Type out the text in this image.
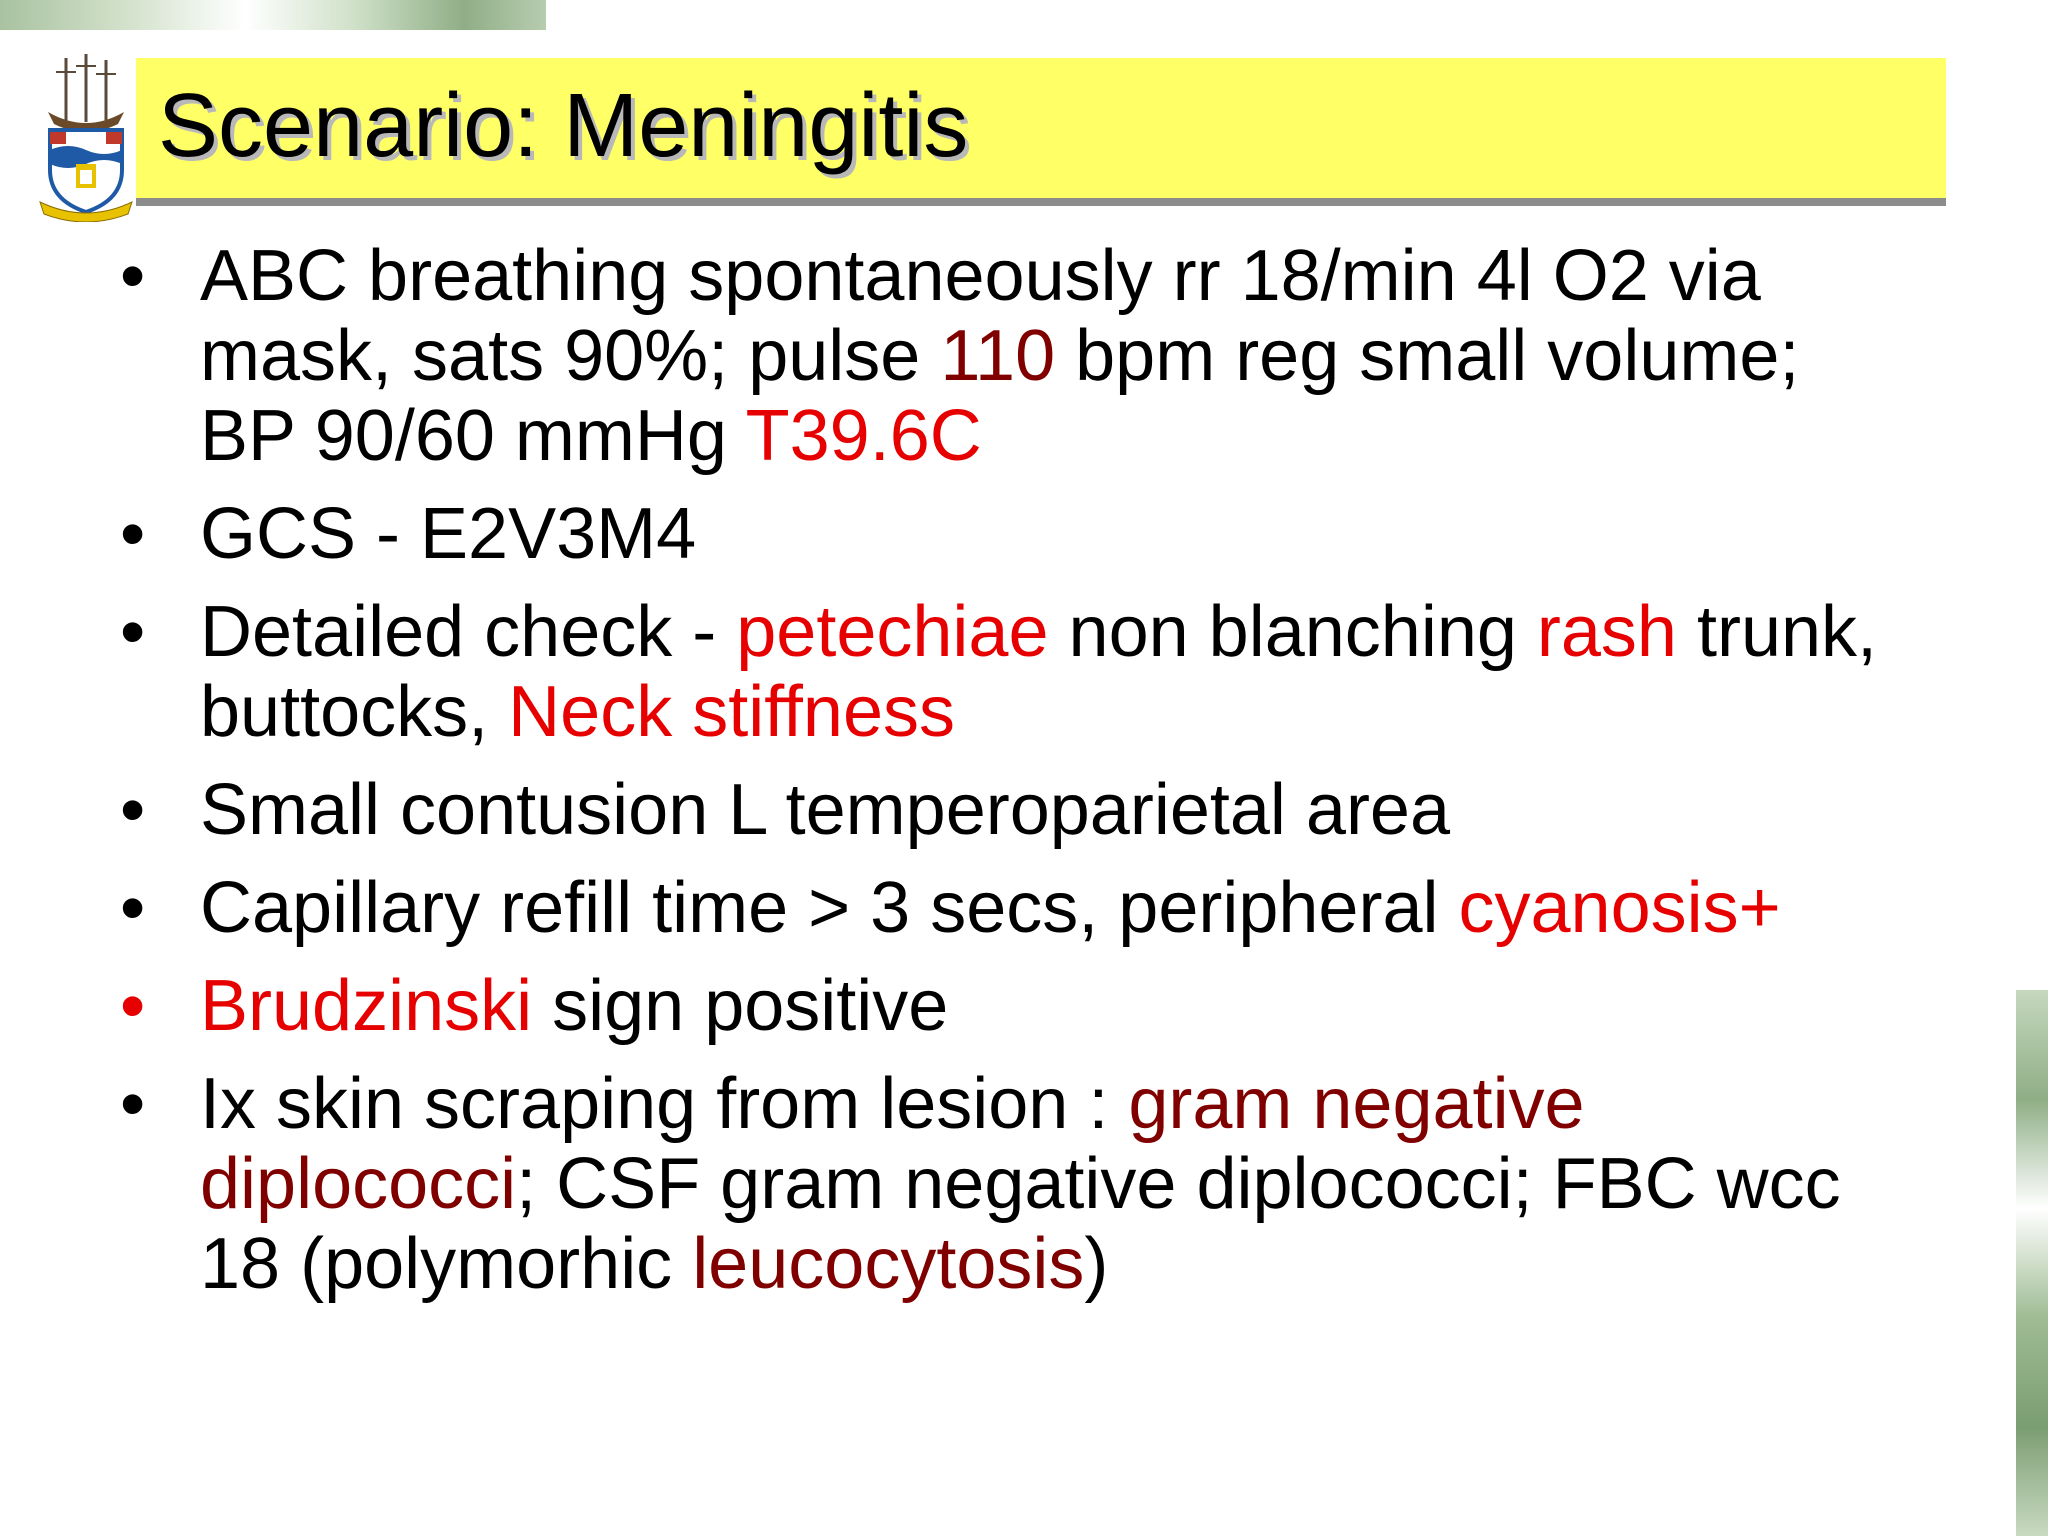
Scenario: Meningitis
• ABC breathing spontaneously rr 18/min 4l O2 via mask, sats 90%; pulse 110 bpm reg small volume; BP 90/60 mmHg T39.6C
• GCS - E2V3M4
• Detailed check - petechiae non blanching rash trunk, buttocks, Neck stiffness
• Small contusion L temperoparietal area
• Capillary refill time > 3 secs, peripheral cyanosis+
• Brudzinski sign positive
• Ix skin scraping from lesion : gram negative diplococci; CSF gram negative diplococci; FBC wcc 18 (polymorhic leucocytosis)
